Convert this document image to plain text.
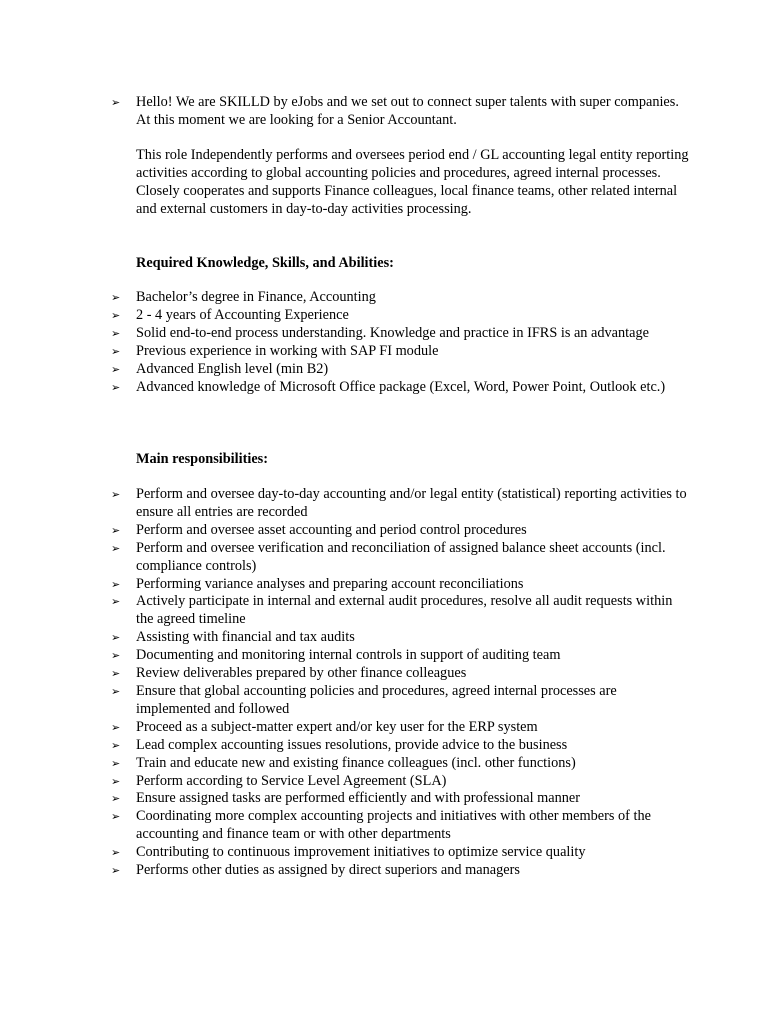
➢	Hello! We are SKILLD by eJobs and we set out to connect super talents with super companies. At this moment we are looking for a Senior Accountant.

This role Independently performs and oversees period end / GL accounting legal entity reporting activities according to global accounting policies and procedures, agreed internal processes. Closely cooperates and supports Finance colleagues, local finance teams, other related internal and external customers in day-to-day activities processing.

Required Knowledge, Skills, and Abilities:
➢	Bachelor’s degree in Finance, Accounting
➢	2 - 4 years of Accounting Experience
➢	Solid end-to-end process understanding. Knowledge and practice in IFRS is an advantage
➢	Previous experience in working with SAP FI module
➢	Advanced English level (min B2)
➢	Advanced knowledge of Microsoft Office package (Excel, Word, Power Point, Outlook etc.)
Main responsibilities:
➢	Perform and oversee day-to-day accounting and/or legal entity (statistical) reporting activities to ensure all entries are recorded
➢	Perform and oversee asset accounting and period control procedures
➢	Perform and oversee verification and reconciliation of assigned balance sheet accounts (incl. compliance controls)
➢	Performing variance analyses and preparing account reconciliations
➢	Actively participate in internal and external audit procedures, resolve all audit requests within the agreed timeline
➢	Assisting with financial and tax audits
➢	Documenting and monitoring internal controls in support of auditing team
➢	Review deliverables prepared by other finance colleagues
➢	Ensure that global accounting policies and procedures, agreed internal processes are implemented and followed
➢	Proceed as a subject-matter expert and/or key user for the ERP system
➢	Lead complex accounting issues resolutions, provide advice to the business
➢	Train and educate new and existing finance colleagues (incl. other functions)
➢	Perform according to Service Level Agreement (SLA)
➢	Ensure assigned tasks are performed efficiently and with professional manner
➢	Coordinating more complex accounting projects and initiatives with other members of the accounting and finance team or with other departments
➢	Contributing to continuous improvement initiatives to optimize service quality
➢	Performs other duties as assigned by direct superiors and managers
